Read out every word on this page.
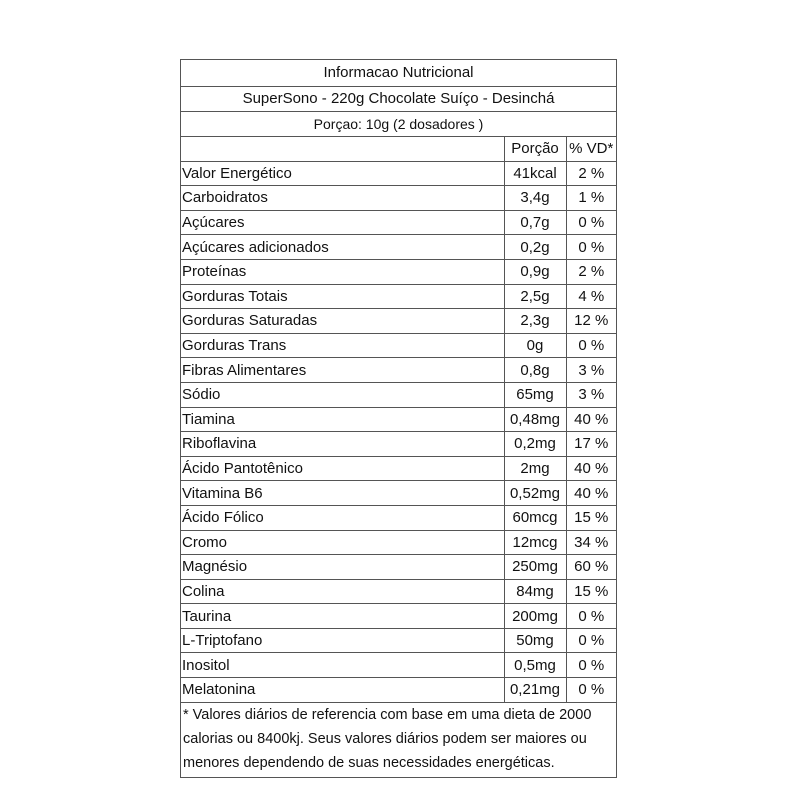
Informacao Nutricional
SuperSono - 220g Chocolate Suíço - Desinchá
Porçao: 10g (2 dosadores )
	Porção	% VD*
Valor Energético	41kcal	2 %
Carboidratos	3,4g	1 %
Açúcares	0,7g	0 %
Açúcares adicionados	0,2g	0 %
Proteínas	0,9g	2 %
Gorduras Totais	2,5g	4 %
Gorduras Saturadas	2,3g	12 %
Gorduras Trans	0g	0 %
Fibras Alimentares	0,8g	3 %
Sódio	65mg	3 %
Tiamina	0,48mg	40 %
Riboflavina	0,2mg	17 %
Ácido Pantotênico	2mg	40 %
Vitamina B6	0,52mg	40 %
Ácido Fólico	60mcg	15 %
Cromo	12mcg	34 %
Magnésio	250mg	60 %
Colina	84mg	15 %
Taurina	200mg	0 %
L-Triptofano	50mg	0 %
Inositol	0,5mg	0 %
Melatonina	0,21mg	0 %
* Valores diários de referencia com base em uma dieta de 2000
calorias ou 8400kj. Seus valores diários podem ser maiores ou
menores dependendo de suas necessidades energéticas.
